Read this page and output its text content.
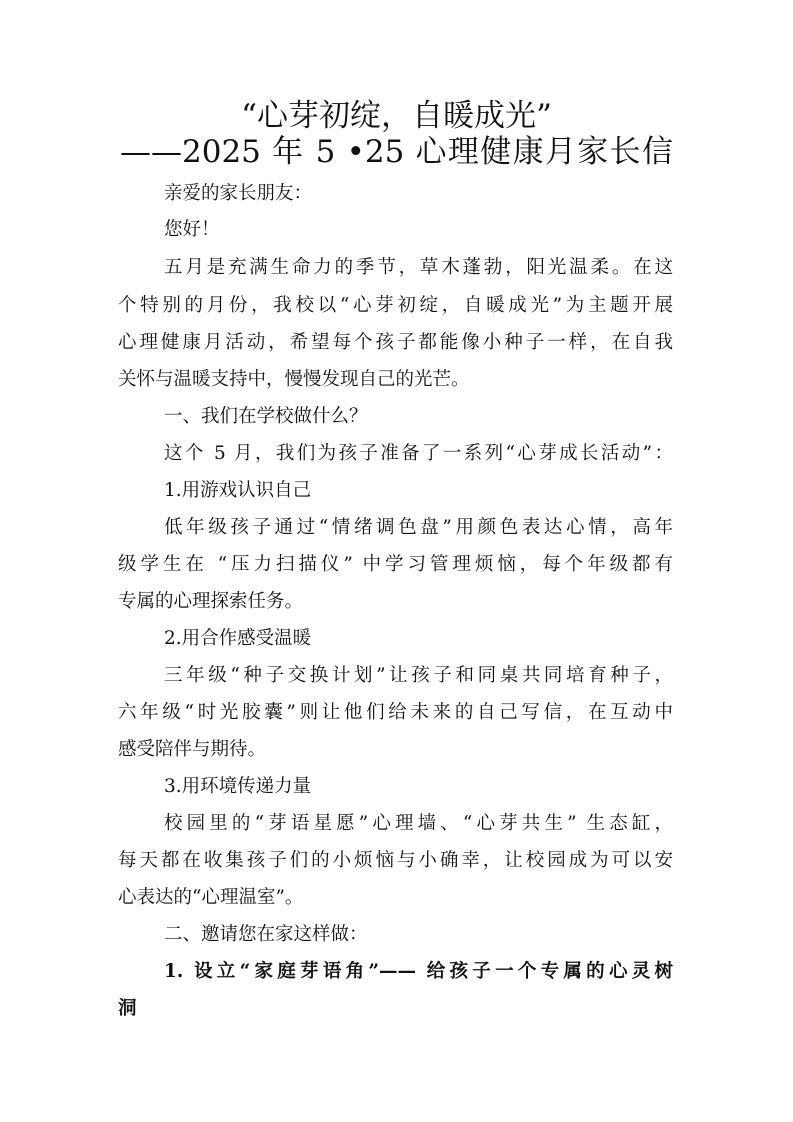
“心芽初绽，自暖成光”
——2025 年 5 •25 心理健康月家长信
亲爱的家长朋友：
您好！
五月是充满生命力的季节，草木蓬勃，阳光温柔。在这
个特别的月份，我校以“心芽初绽，自暖成光”为主题开展
心理健康月活动，希望每个孩子都能像小种子一样，在自我
关怀与温暖支持中，慢慢发现自己的光芒。
一、我们在学校做什么？
这个 5 月，我们为孩子准备了一系列“心芽成长活动”：
1.用游戏认识自己
低年级孩子通过“情绪调色盘”用颜色表达心情，高年
级学生在 “压力扫描仪” 中学习管理烦恼，每个年级都有
专属的心理探索任务。
2.用合作感受温暖
三年级“种子交换计划”让孩子和同桌共同培育种子，
六年级“时光胶囊”则让他们给未来的自己写信，在互动中
感受陪伴与期待。
3.用环境传递力量
校园里的“芽语星愿”心理墙、“心芽共生” 生态缸，
每天都在收集孩子们的小烦恼与小确幸，让校园成为可以安
心表达的“心理温室”。
二、邀请您在家这样做：
1. 设立“家庭芽语角”—— 给孩子一个专属的心灵树
洞
